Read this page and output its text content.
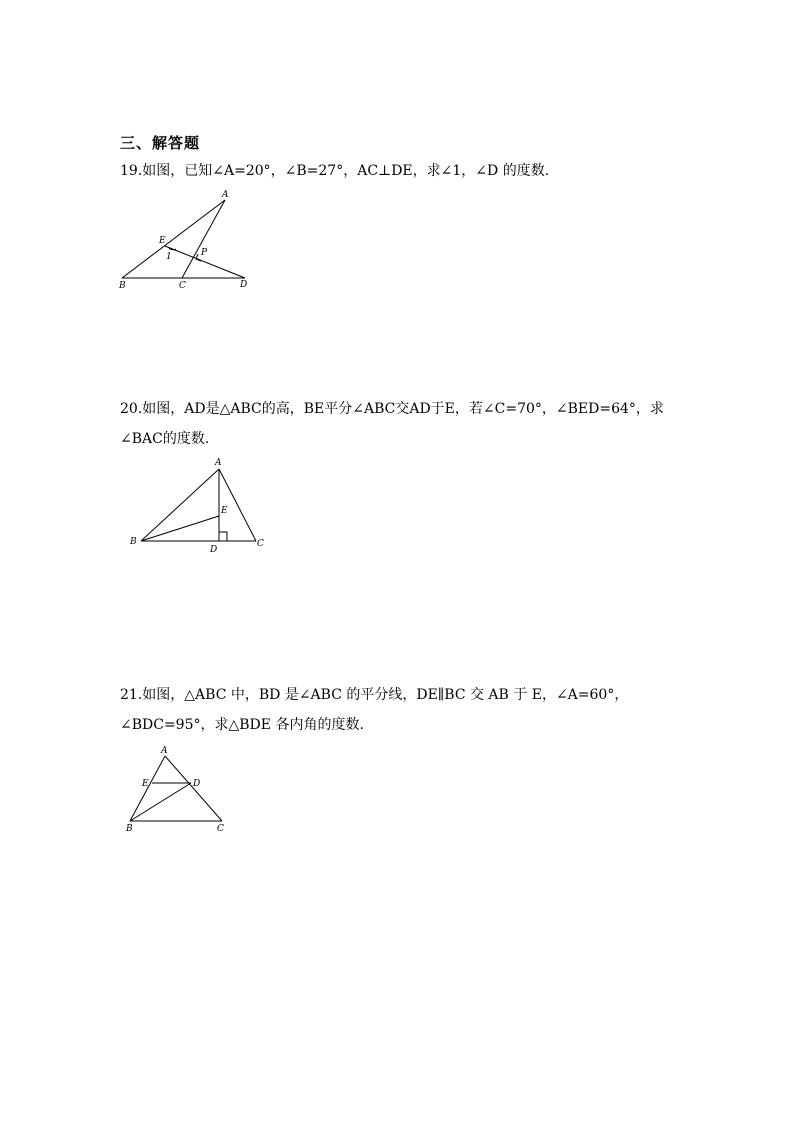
三、解答题
19.如图，已知∠A=20°，∠B=27°，AC⊥DE，求∠1，∠D 的度数.
A
E
P
1
B	C	D
20.如图，AD是△ABC的高，BE平分∠ABC交AD于E，若∠C=70°，∠BED=64°，求∠BAC的度数.
A
E
B
D
C
21.如图，△ABC 中，BD 是∠ABC 的平分线，DE∥BC 交 AB 于 E，∠A=60°，∠BDC=95°，求△BDE 各内角的度数.
A
E	D
B	C
